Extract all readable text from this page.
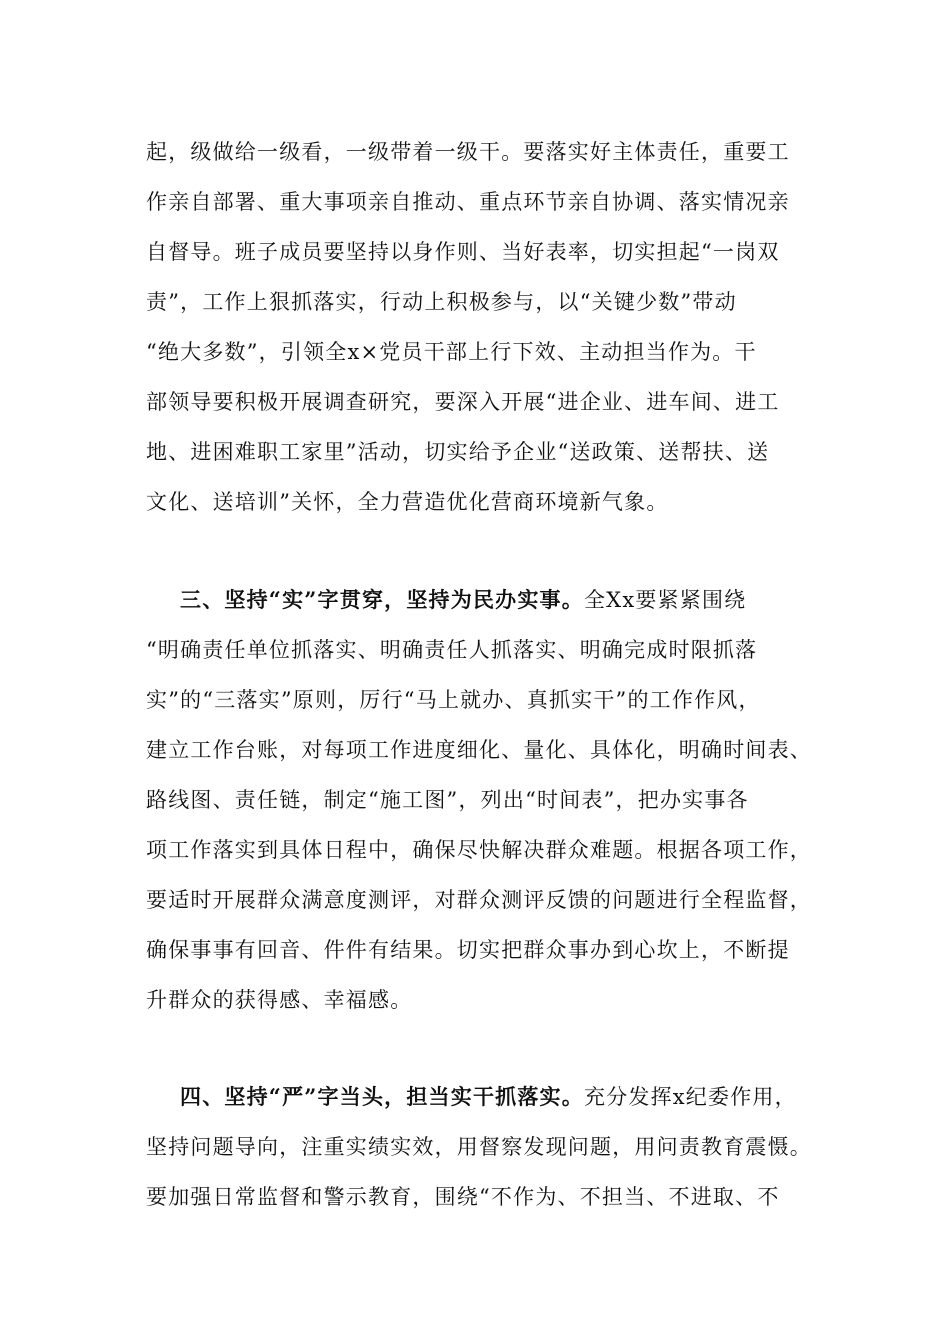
起，级做给一级看，一级带着一级干。要落实好主体责任，重要工
作亲自部署、重大事项亲自推动、重点环节亲自协调、落实情况亲
自督导。班子成员要坚持以身作则、当好表率，切实担起“一岗双
责”，工作上狠抓落实，行动上积极参与，以“关键少数”带动
“绝大多数”，引领全x×党员干部上行下效、主动担当作为。干
部领导要积极开展调查研究，要深入开展“进企业、进车间、进工
地、进困难职工家里”活动，切实给予企业“送政策、送帮扶、送
文化、送培训”关怀，全力营造优化营商环境新气象。
三、坚持“实”字贯穿，坚持为民办实事。全Xx要紧紧围绕
“明确责任单位抓落实、明确责任人抓落实、明确完成时限抓落
实”的“三落实”原则，厉行“马上就办、真抓实干”的工作作风，
建立工作台账，对每项工作进度细化、量化、具体化，明确时间表、
路线图、责任链，制定“施工图”，列出“时间表”，把办实事各
项工作落实到具体日程中，确保尽快解决群众难题。根据各项工作，
要适时开展群众满意度测评，对群众测评反馈的问题进行全程监督，
确保事事有回音、件件有结果。切实把群众事办到心坎上，不断提
升群众的获得感、幸福感。
四、坚持“严”字当头，担当实干抓落实。充分发挥x纪委作用，
坚持问题导向，注重实绩实效，用督察发现问题，用问责教育震慑。
要加强日常监督和警示教育，围绕“不作为、不担当、不进取、不
